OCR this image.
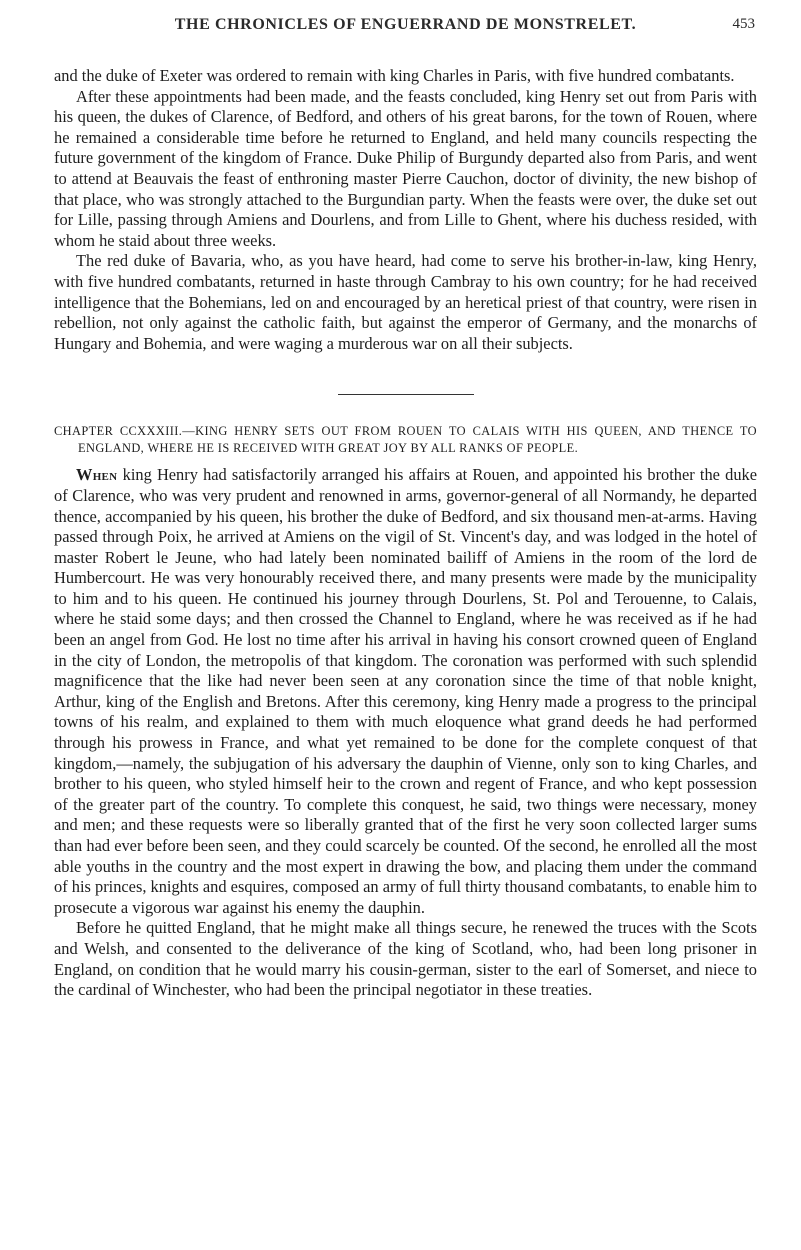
THE CHRONICLES OF ENGUERRAND DE MONSTRELET.	453

and the duke of Exeter was ordered to remain with king Charles in Paris, with five hundred combatants.

After these appointments had been made, and the feasts concluded, king Henry set out from Paris with his queen, the dukes of Clarence, of Bedford, and others of his great barons, for the town of Rouen, where he remained a considerable time before he returned to England, and held many councils respecting the future government of the kingdom of France. Duke Philip of Burgundy departed also from Paris, and went to attend at Beauvais the feast of enthroning master Pierre Cauchon, doctor of divinity, the new bishop of that place, who was strongly attached to the Burgundian party. When the feasts were over, the duke set out for Lille, passing through Amiens and Dourlens, and from Lille to Ghent, where his duchess resided, with whom he staid about three weeks.

The red duke of Bavaria, who, as you have heard, had come to serve his brother-in-law, king Henry, with five hundred combatants, returned in haste through Cambray to his own country; for he had received intelligence that the Bohemians, led on and encouraged by an heretical priest of that country, were risen in rebellion, not only against the catholic faith, but against the emperor of Germany, and the monarchs of Hungary and Bohemia, and were waging a murderous war on all their subjects.

CHAPTER CCXXXIII.—KING HENRY SETS OUT FROM ROUEN TO CALAIS WITH HIS QUEEN, AND THENCE TO ENGLAND, WHERE HE IS RECEIVED WITH GREAT JOY BY ALL RANKS OF PEOPLE.

When king Henry had satisfactorily arranged his affairs at Rouen, and appointed his brother the duke of Clarence, who was very prudent and renowned in arms, governor-general of all Normandy, he departed thence, accompanied by his queen, his brother the duke of Bedford, and six thousand men-at-arms. Having passed through Poix, he arrived at Amiens on the vigil of St. Vincent's day, and was lodged in the hotel of master Robert le Jeune, who had lately been nominated bailiff of Amiens in the room of the lord de Humbercourt. He was very honourably received there, and many presents were made by the municipality to him and to his queen. He continued his journey through Dourlens, St. Pol and Terouenne, to Calais, where he staid some days; and then crossed the Channel to England, where he was received as if he had been an angel from God. He lost no time after his arrival in having his consort crowned queen of England in the city of London, the metropolis of that kingdom. The coronation was performed with such splendid magnificence that the like had never been seen at any coronation since the time of that noble knight, Arthur, king of the English and Bretons. After this ceremony, king Henry made a progress to the principal towns of his realm, and explained to them with much eloquence what grand deeds he had performed through his prowess in France, and what yet remained to be done for the complete conquest of that kingdom,—namely, the subjugation of his adversary the dauphin of Vienne, only son to king Charles, and brother to his queen, who styled himself heir to the crown and regent of France, and who kept possession of the greater part of the country. To complete this conquest, he said, two things were necessary, money and men; and these requests were so liberally granted that of the first he very soon collected larger sums than had ever before been seen, and they could scarcely be counted. Of the second, he enrolled all the most able youths in the country and the most expert in drawing the bow, and placing them under the command of his princes, knights and esquires, composed an army of full thirty thousand combatants, to enable him to prosecute a vigorous war against his enemy the dauphin.

Before he quitted England, that he might make all things secure, he renewed the truces with the Scots and Welsh, and consented to the deliverance of the king of Scotland, who, had been long prisoner in England, on condition that he would marry his cousin-german, sister to the earl of Somerset, and niece to the cardinal of Winchester, who had been the principal negotiator in these treaties.
